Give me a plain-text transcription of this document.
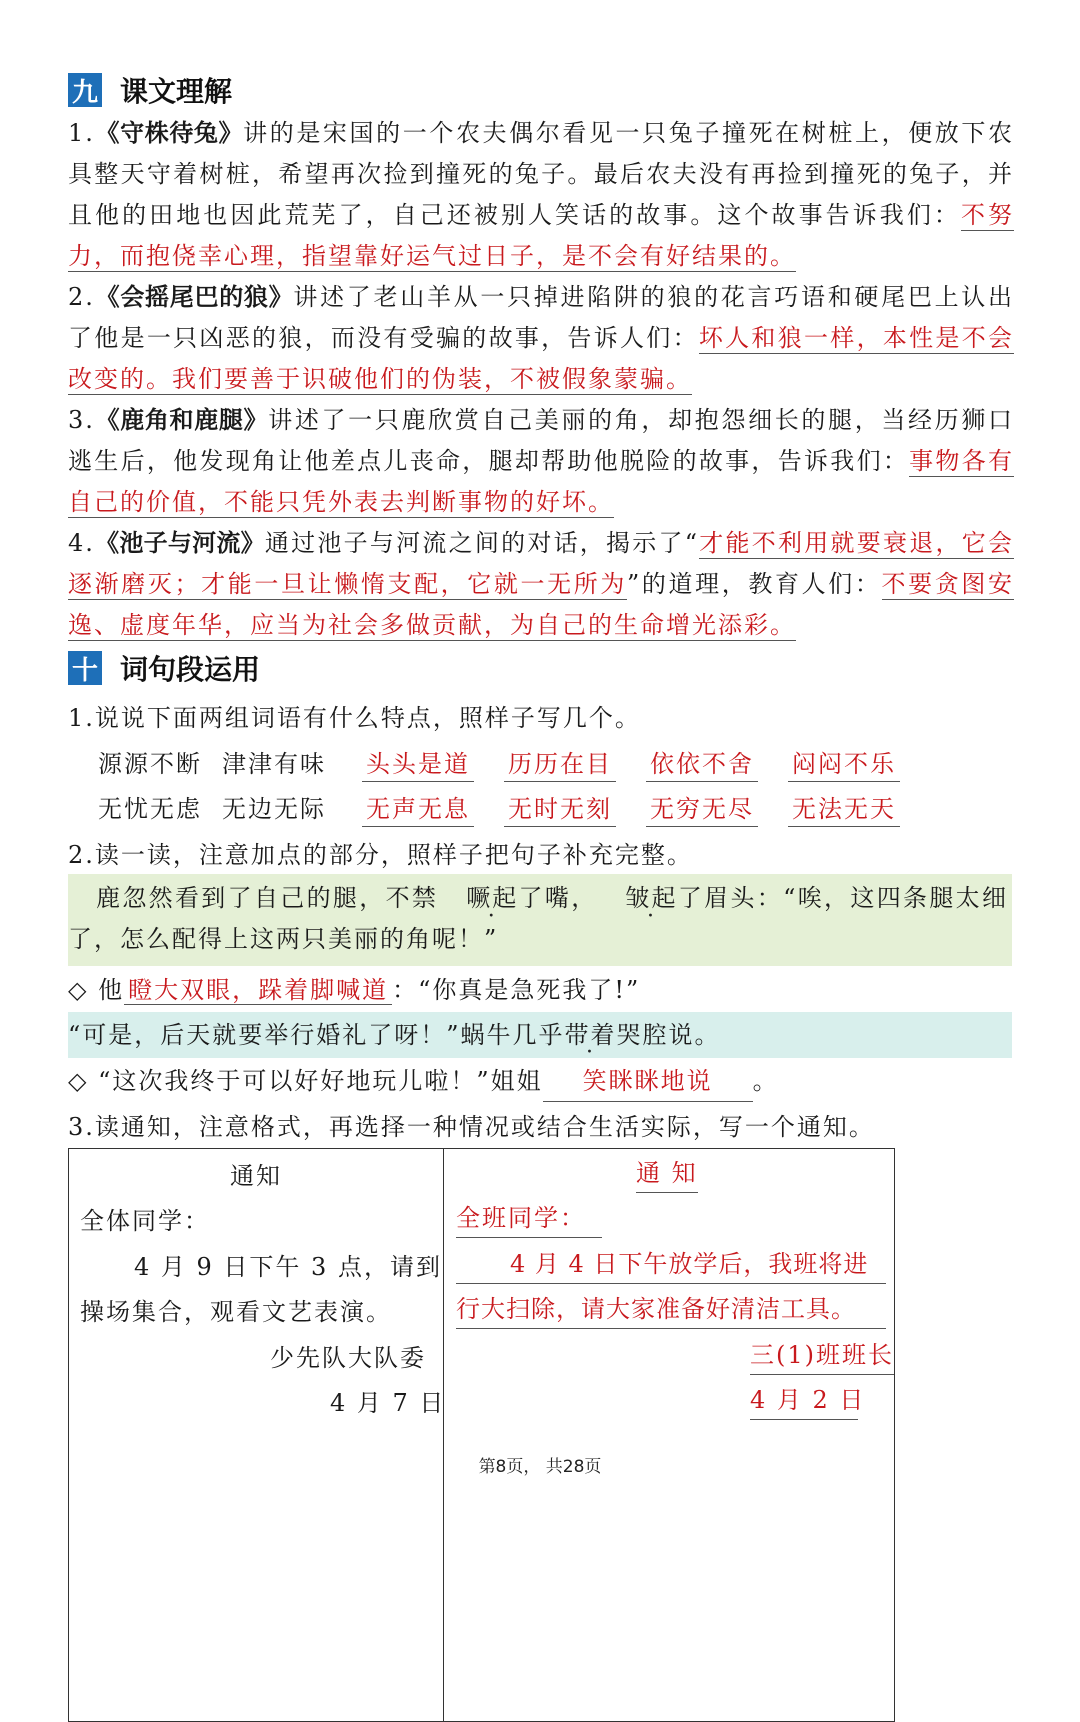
九 课文理解
1.《守株待兔》讲的是宋国的一个农夫偶尔看见一只兔子撞死在树桩上，便放下农具整天守着树桩，希望再次捡到撞死的兔子。最后农夫没有再捡到撞死的兔子，并且他的田地也因此荒芜了，自己还被别人笑话的故事。这个故事告诉我们：不努力，而抱侥幸心理，指望靠好运气过日子，是不会有好结果的。
2.《会摇尾巴的狼》讲述了老山羊从一只掉进陷阱的狼的花言巧语和硬尾巴上认出了他是一只凶恶的狼，而没有受骗的故事，告诉人们：坏人和狼一样，本性是不会改变的。我们要善于识破他们的伪装，不被假象蒙骗。
3.《鹿角和鹿腿》讲述了一只鹿欣赏自己美丽的角，却抱怨细长的腿，当经历狮口逃生后，他发现角让他差点儿丧命，腿却帮助他脱险的故事，告诉我们：事物各有自己的价值，不能只凭外表去判断事物的好坏。
4.《池子与河流》通过池子与河流之间的对话，揭示了“才能不利用就要衰退，它会逐渐磨灭；才能一旦让懒惰支配，它就一无所为”的道理，教育人们：不要贪图安逸、虚度年华，应当为社会多做贡献，为自己的生命增光添彩。
十 词句段运用
1.说说下面两组词语有什么特点，照样子写几个。
源源不断 津津有味 头头是道 历历在目 依依不舍 闷闷不乐
无忧无虑 无边无际 无声无息 无时无刻 无穷无尽 无法无天
2.读一读，注意加点的部分，照样子把句子补充完整。
鹿忽然看到了自己的腿，不禁 噘起了嘴， 皱起了眉头：“唉，这四条腿太细了，怎么配得上这两只美丽的角呢！”
◇ 他 瞪大双眼，跺着脚喊道 ：“你真是急死我了!”
“可是，后天就要举行婚礼了呀！”蜗牛几乎带着哭腔 ·说。
◇ “这次我终于可以好好地玩儿啦！”姐姐 笑眯眯地说 。
3.读通知，注意格式，再选择一种情况或结合生活实际，写一个通知。
通知
全体同学：
4 月 9 日下午 3 点，请到
操场集合，观看文艺表演。
少先队大队委
4 月 7 日
通 知
全班同学：
4 月 4 日下午放学后，我班将进
行大扫除，请大家准备好清洁工具。
三(1)班班长
4 月 2 日
第8页， 共28页
